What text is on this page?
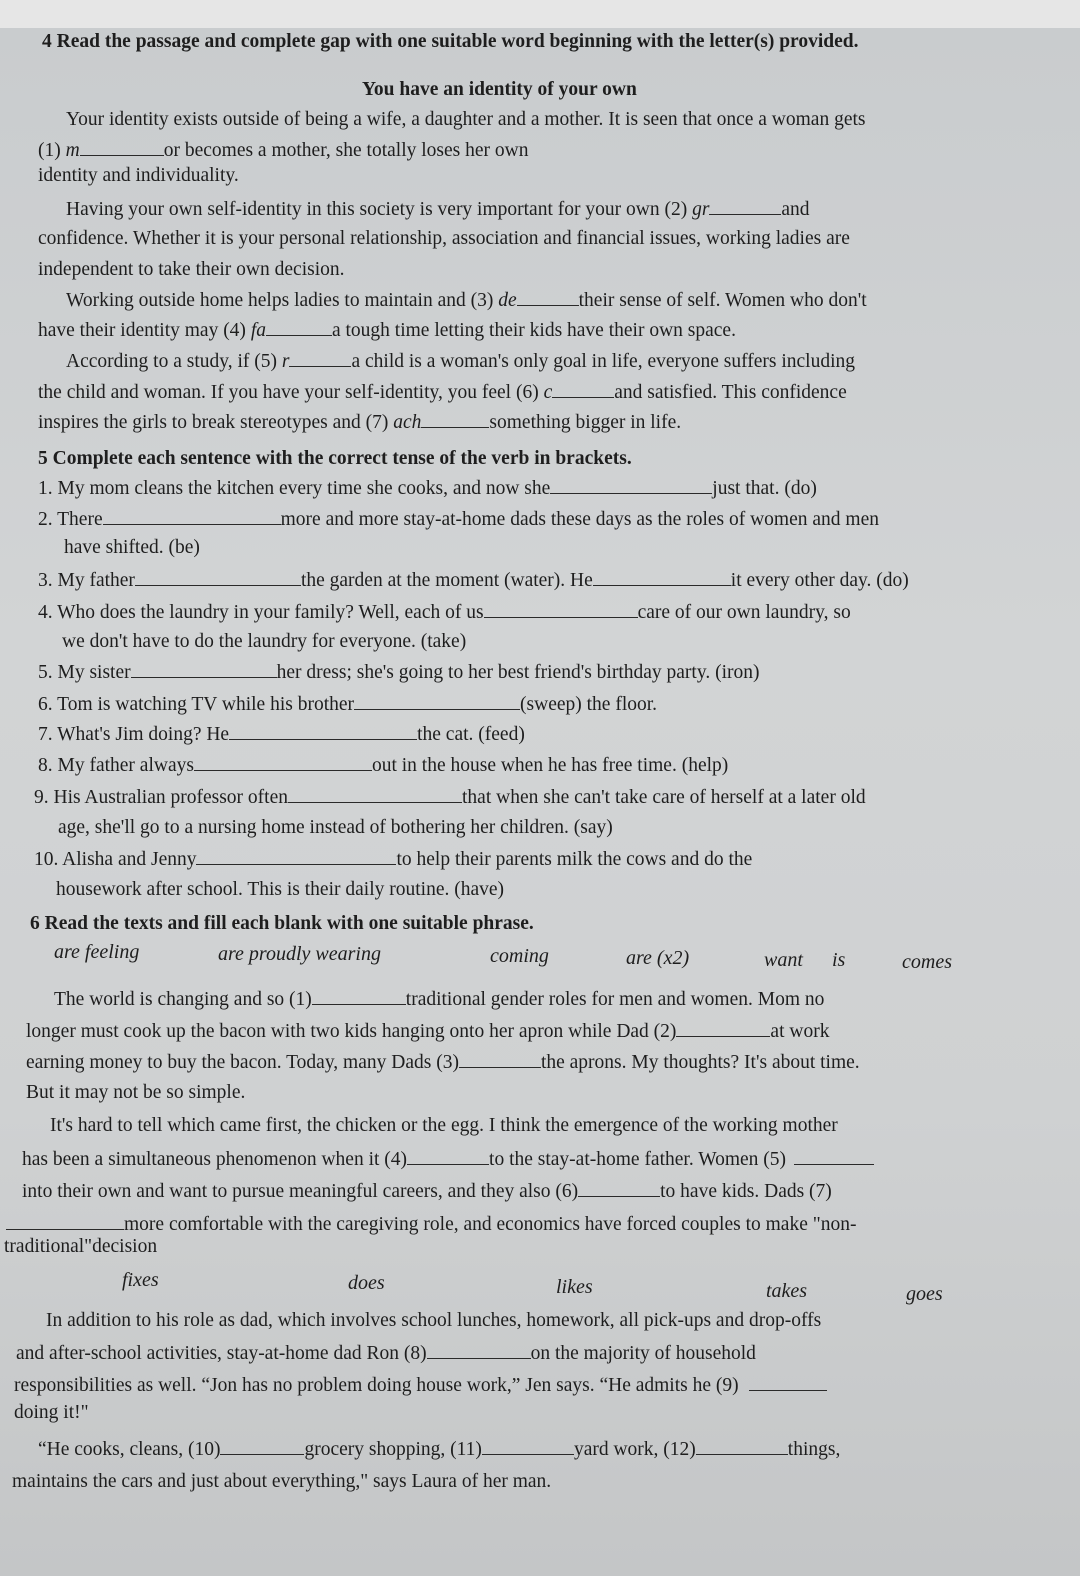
4 Read the passage and complete gap with one suitable word beginning with the letter(s) provided.
You have an identity of your own
Your identity exists outside of being a wife, a daughter and a mother. It is seen that once a woman gets
(1) m	or becomes a mother, she totally loses her own
identity and individuality.
Having your own self-identity in this society is very important for your own (2) gr	and
confidence. Whether it is your personal relationship, association and financial issues, working ladies are
independent to take their own decision.
Working outside home helps ladies to maintain and (3) de	their sense of self. Women who don't
have their identity may (4) fa	a tough time letting their kids have their own space.
According to a study, if (5) r	a child is a woman's only goal in life, everyone suffers including
the child and woman. If you have your self-identity, you feel (6) c	and satisfied. This confidence
inspires the girls to break stereotypes and (7) ach	something bigger in life.
5 Complete each sentence with the correct tense of the verb in brackets.
1. My mom cleans the kitchen every time she cooks, and now she	just that. (do)
2. There	more and more stay-at-home dads these days as the roles of women and men
have shifted. (be)
3. My father	the garden at the moment (water). He	it every other day. (do)
4. Who does the laundry in your family? Well, each of us	care of our own laundry, so
we don't have to do the laundry for everyone. (take)
5. My sister	her dress; she's going to her best friend's birthday party. (iron)
6. Tom is watching TV while his brother	(sweep) the floor.
7. What's Jim doing? He	the cat. (feed)
8. My father always	out in the house when he has free time. (help)
9. His Australian professor often	that when she can't take care of herself at a later old
age, she'll go to a nursing home instead of bothering her children. (say)
10. Alisha and Jenny	to help their parents milk the cows and do the
housework after school. This is their daily routine. (have)
6 Read the texts and fill each blank with one suitable phrase.
are feeling	are proudly wearing	coming	are (x2)	want is	comes
The world is changing and so (1)	traditional gender roles for men and women. Mom no
longer must cook up the bacon with two kids hanging onto her apron while Dad (2)	at work
earning money to buy the bacon. Today, many Dads (3)	the aprons. My thoughts? It's about time.
But it may not be so simple.
It's hard to tell which came first, the chicken or the egg. I think the emergence of the working mother
has been a simultaneous phenomenon when it (4)	to the stay-at-home father. Women (5)
into their own and want to pursue meaningful careers, and they also (6)	to have kids. Dads (7)
more comfortable with the caregiving role, and economics have forced couples to make "non-
traditional"decision
fixes	does	likes	takes	goes
In addition to his role as dad, which involves school lunches, homework, all pick-ups and drop-offs
and after-school activities, stay-at-home dad Ron (8)	on the majority of household
responsibilities as well. “Jon has no problem doing house work,” Jen says. “He admits he (9)
doing it!"
“He cooks, cleans, (10)	grocery shopping, (11)	yard work, (12)	things,
maintains the cars and just about everything," says Laura of her man.
